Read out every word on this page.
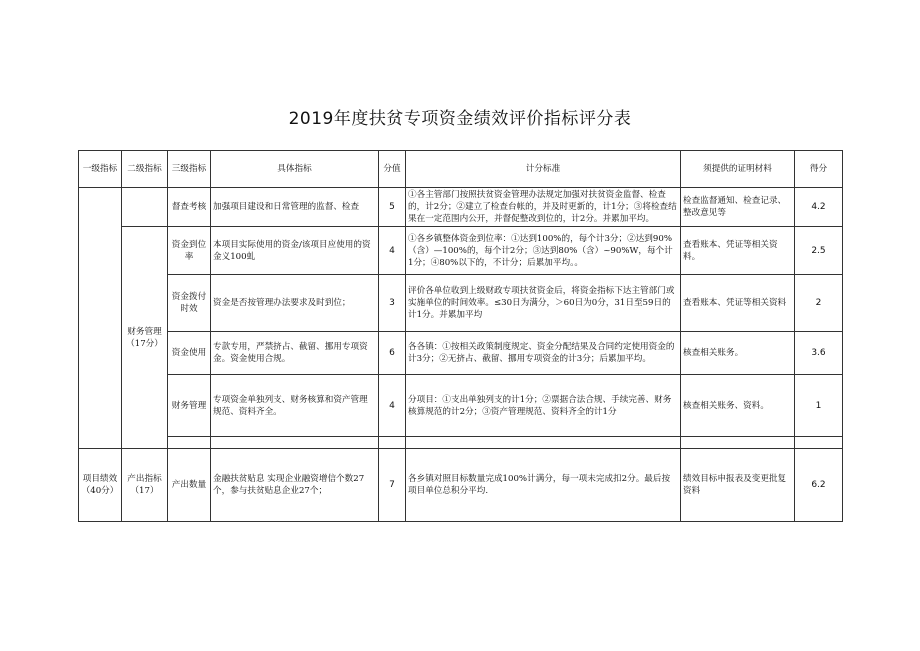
2019年度扶贫专项资金绩效评价指标评分表
一级指标	二级指标	三级指标	具体指标	分值	计分标准	须提供的证明材料	得分
		督查考核	加强项目建设和日常管理的监督、检查	5	①各主管部门按照扶贫资金管理办法规定加强对扶贫资金监督、检查的，计2分；②建立了检查台帐的，并及时更新的，计1分；③将检查结果在一定范围内公开，并督促整改到位的，计2分。并累加平均。	检查监督通知、检查记录、整改意见等	4.2
	财务管理（17分）	资金到位率	本项目实际使用的资金/该项目应使用的资金义100虬	4	①各乡镇整体资金到位率：①达到100%的，每个计3分；②达到90%（含）—100%的，每个计2分；③达到80%（含）~90%W，每个计1分；④80%以下的，不计分；后累加平均。。	查看账本、凭证等相关资料。	2.5
		资金拨付时效	资金是否按管理办法要求及时到位；	3	评价各单位收到上级财政专项扶贫资金后，将资金指标下达主管部门或实施单位的时间效率。≤30日为满分，＞60日为0分，31日至59日的计1分。并累加平均	查看账本、凭证等相关资料	2
		资金使用	专款专用，严禁挤占、截留、挪用专项资金。资金使用合规。	6	各各镇：①按相关政策制度规定、资金分配结果及合同约定使用资金的计3分；②无挤占、截留、挪用专项资金的计3分；后累加平均。	核查相关账务。	3.6
		财务管理	专项资金单独列支、财务核算和资产管理规范、资料齐全。	4	分项目：①支出单独列支的计1分；②票据合法合规、手续完善、财务核算规范的计2分；③资产管理规范、资料齐全的计1分	核查相关账务、资料。	1

项目绩效（40分）	产出指标（17）	产出数量	金融扶贫贴息 实现企业融资增信个数27个，参与扶贫贴息企业27个；	7	各乡镇对照目标数量完成100%计满分，每一项未完成扣2分。最后按项目单位总积分平均.	绩效目标申报表及变更批复资料	6.2
